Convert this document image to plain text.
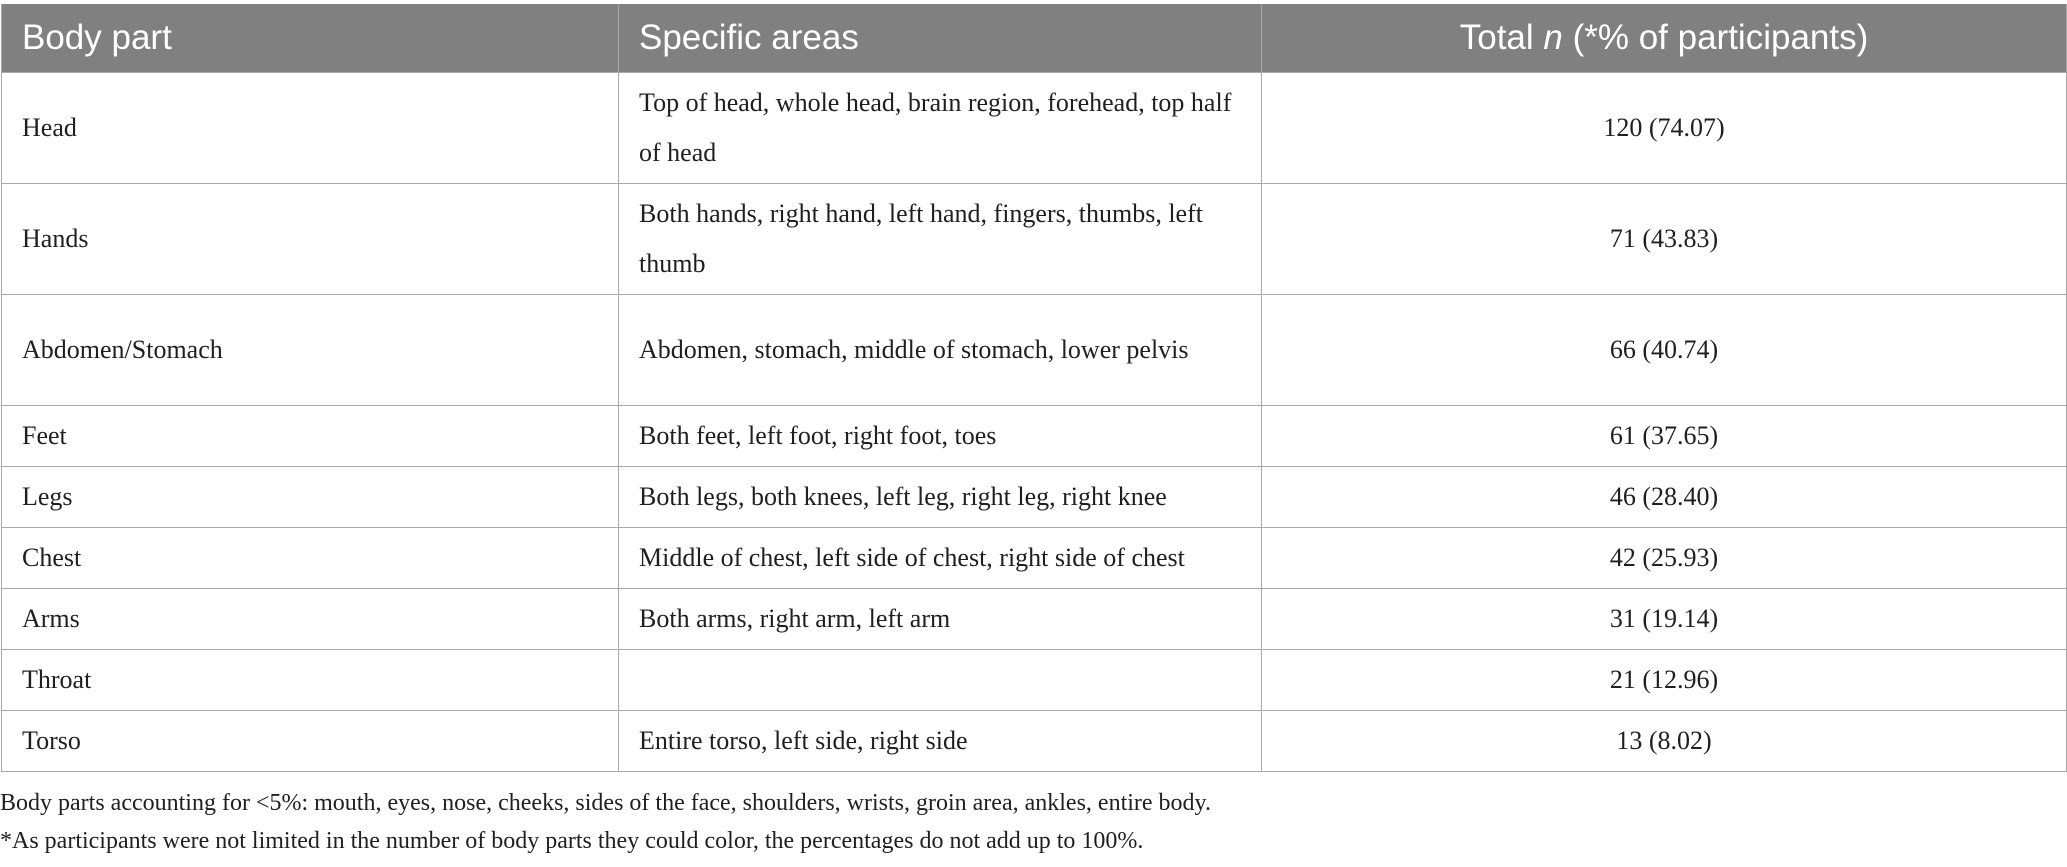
Body part	Specific areas	Total n (*% of participants)
Head	Top of head, whole head, brain region, forehead, top half of head	120 (74.07)
Hands	Both hands, right hand, left hand, fingers, thumbs, left thumb	71 (43.83)
Abdomen/Stomach	Abdomen, stomach, middle of stomach, lower pelvis	66 (40.74)
Feet	Both feet, left foot, right foot, toes	61 (37.65)
Legs	Both legs, both knees, left leg, right leg, right knee	46 (28.40)
Chest	Middle of chest, left side of chest, right side of chest	42 (25.93)
Arms	Both arms, right arm, left arm	31 (19.14)
Throat		21 (12.96)
Torso	Entire torso, left side, right side	13 (8.02)

Body parts accounting for <5%: mouth, eyes, nose, cheeks, sides of the face, shoulders, wrists, groin area, ankles, entire body.

*As participants were not limited in the number of body parts they could color, the percentages do not add up to 100%.
